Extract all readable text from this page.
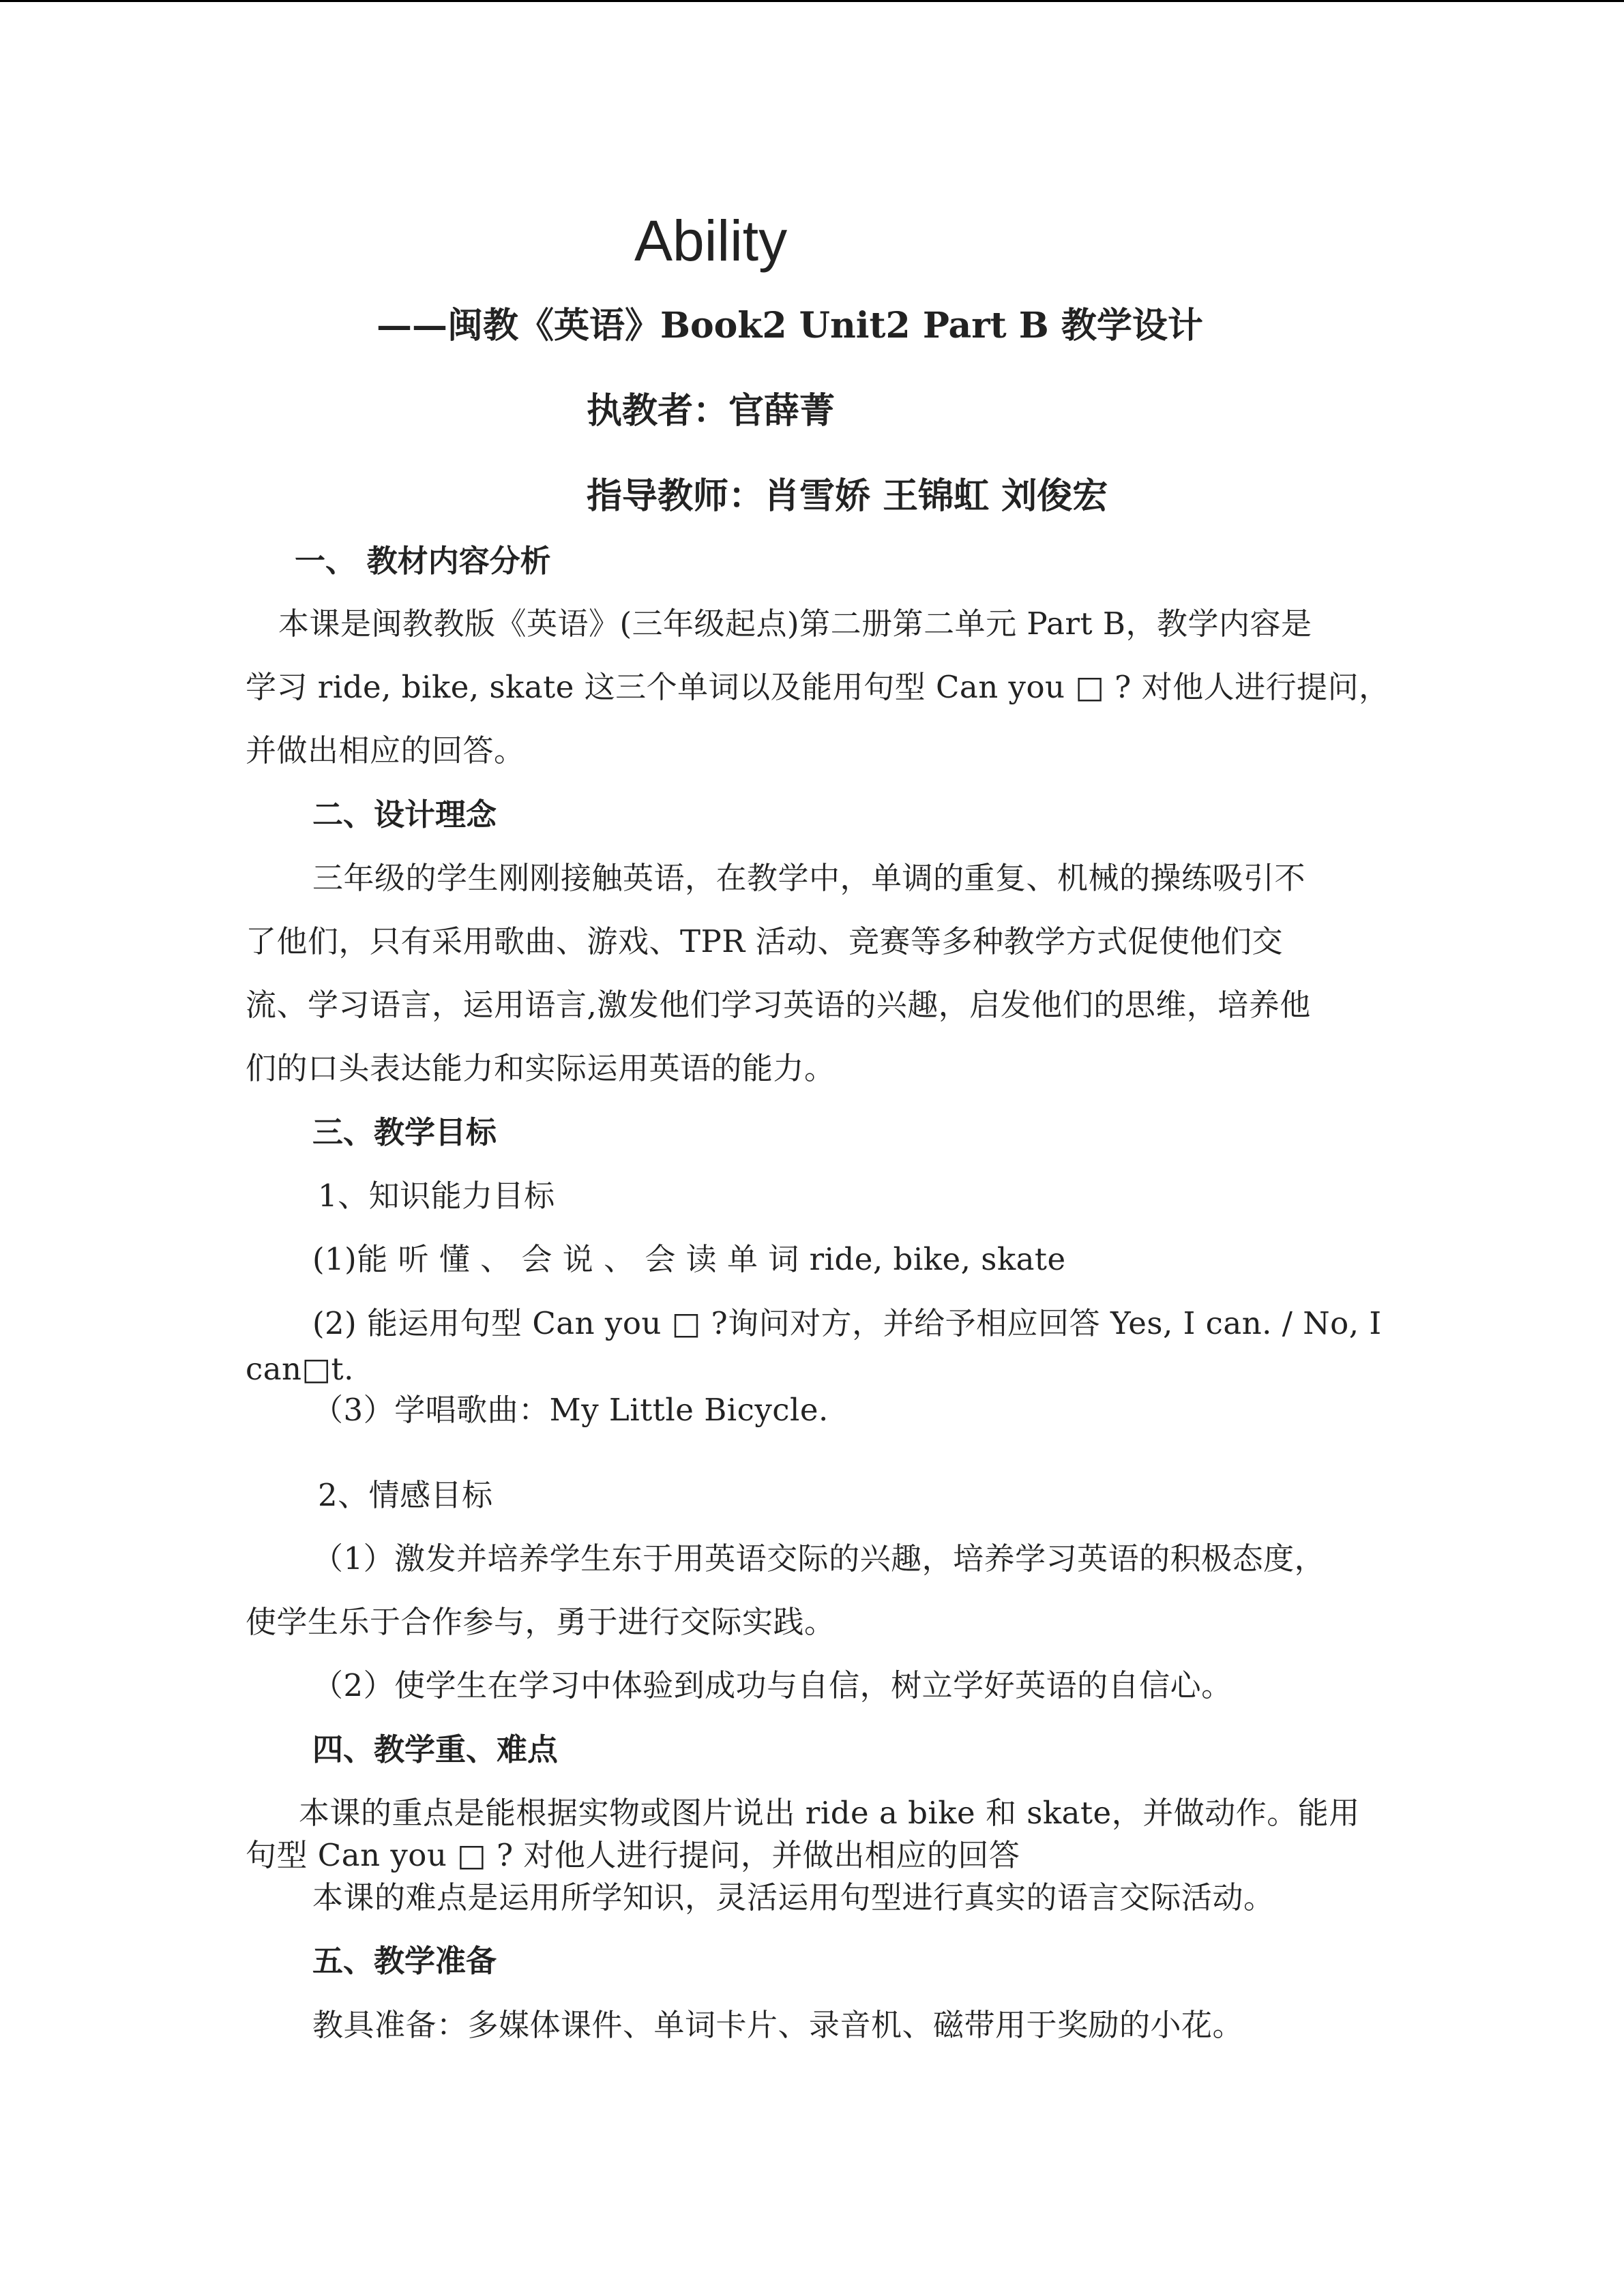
Ability
——闽教《英语》Book2 Unit2 Part B 教学设计
执教者：官薛菁
指导教师：肖雪娇 王锦虹 刘俊宏
一、 教材内容分析
本课是闽教教版《英语》(三年级起点)第二册第二单元 Part B，教学内容是
学习 ride, bike, skate 这三个单词以及能用句型 Can you □ ? 对他人进行提问，
并做出相应的回答。
二、设计理念
三年级的学生刚刚接触英语，在教学中，单调的重复、机械的操练吸引不
了他们，只有采用歌曲、游戏、TPR 活动、竞赛等多种教学方式促使他们交
流、学习语言，运用语言,激发他们学习英语的兴趣，启发他们的思维，培养他
们的口头表达能力和实际运用英语的能力。
三、教学目标
1、知识能力目标
(1)能 听 懂 、 会 说 、 会 读 单 词 ride, bike, skate
(2) 能运用句型 Can you □ ?询问对方，并给予相应回答 Yes, I can. / No, I
can□t.
（3）学唱歌曲：My Little Bicycle.
2、情感目标
（1）激发并培养学生东于用英语交际的兴趣，培养学习英语的积极态度，
使学生乐于合作参与，勇于进行交际实践。
（2）使学生在学习中体验到成功与自信，树立学好英语的自信心。
四、教学重、难点
本课的重点是能根据实物或图片说出 ride a bike 和 skate，并做动作。能用
句型 Can you □ ? 对他人进行提问，并做出相应的回答
本课的难点是运用所学知识，灵活运用句型进行真实的语言交际活动。
五、教学准备
教具准备：多媒体课件、单词卡片、录音机、磁带用于奖励的小花。
